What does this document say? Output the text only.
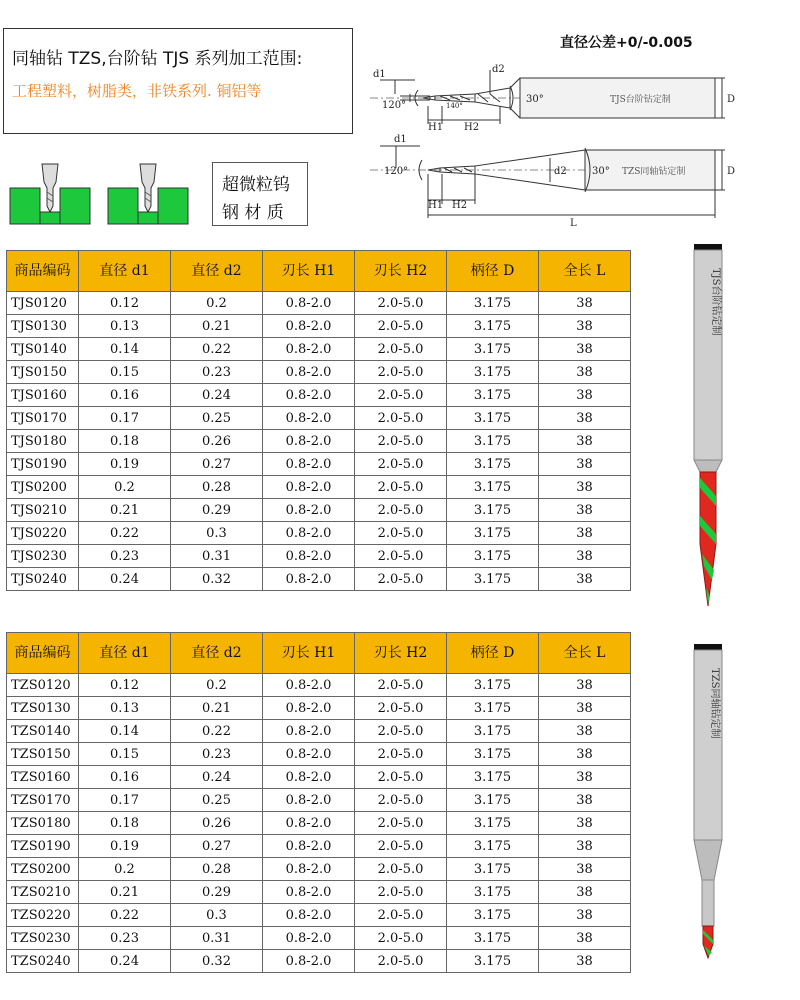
同轴钻 TZS,台阶钻 TJS 系列加工范围:
工程塑料，树脂类，非铁系列. 铜铝等
直径公差+0/-0.005
d1	d2
120°	140°
30°
H1 H2
D
TJS台阶钻定制
d1
d2
120°	30°
H1 H2
L
D
TZS同轴钻定制
超微粒钨
钢 材 质
商品编码	直径 d1	直径 d2	刃长 H1	刃长 H2	柄径 D	全长 L
TJS0120	0.12	0.2	0.8-2.0	2.0-5.0	3.175	38
TJS0130	0.13	0.21	0.8-2.0	2.0-5.0	3.175	38
TJS0140	0.14	0.22	0.8-2.0	2.0-5.0	3.175	38
TJS0150	0.15	0.23	0.8-2.0	2.0-5.0	3.175	38
TJS0160	0.16	0.24	0.8-2.0	2.0-5.0	3.175	38
TJS0170	0.17	0.25	0.8-2.0	2.0-5.0	3.175	38
TJS0180	0.18	0.26	0.8-2.0	2.0-5.0	3.175	38
TJS0190	0.19	0.27	0.8-2.0	2.0-5.0	3.175	38
TJS0200	0.2	0.28	0.8-2.0	2.0-5.0	3.175	38
TJS0210	0.21	0.29	0.8-2.0	2.0-5.0	3.175	38
TJS0220	0.22	0.3	0.8-2.0	2.0-5.0	3.175	38
TJS0230	0.23	0.31	0.8-2.0	2.0-5.0	3.175	38
TJS0240	0.24	0.32	0.8-2.0	2.0-5.0	3.175	38
商品编码	直径 d1	直径 d2	刃长 H1	刃长 H2	柄径 D	全长 L
TZS0120	0.12	0.2	0.8-2.0	2.0-5.0	3.175	38
TZS0130	0.13	0.21	0.8-2.0	2.0-5.0	3.175	38
TZS0140	0.14	0.22	0.8-2.0	2.0-5.0	3.175	38
TZS0150	0.15	0.23	0.8-2.0	2.0-5.0	3.175	38
TZS0160	0.16	0.24	0.8-2.0	2.0-5.0	3.175	38
TZS0170	0.17	0.25	0.8-2.0	2.0-5.0	3.175	38
TZS0180	0.18	0.26	0.8-2.0	2.0-5.0	3.175	38
TZS0190	0.19	0.27	0.8-2.0	2.0-5.0	3.175	38
TZS0200	0.2	0.28	0.8-2.0	2.0-5.0	3.175	38
TZS0210	0.21	0.29	0.8-2.0	2.0-5.0	3.175	38
TZS0220	0.22	0.3	0.8-2.0	2.0-5.0	3.175	38
TZS0230	0.23	0.31	0.8-2.0	2.0-5.0	3.175	38
TZS0240	0.24	0.32	0.8-2.0	2.0-5.0	3.175	38
TJS台阶钻定制
TZS同轴钻定制
